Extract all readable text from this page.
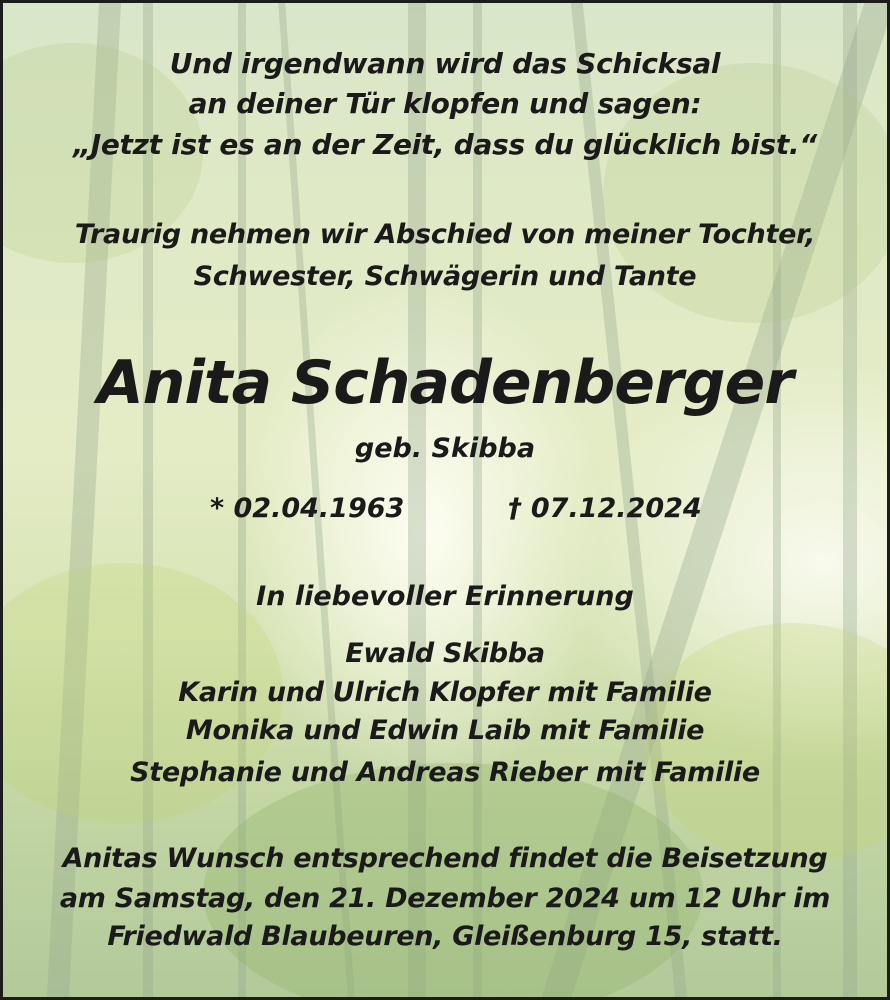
Und irgendwann wird das Schicksal
an deiner Tür klopfen und sagen:
„Jetzt ist es an der Zeit, dass du glücklich bist.“
Traurig nehmen wir Abschied von meiner Tochter,
Schwester, Schwägerin und Tante
Anita Schadenberger
geb. Skibba
* 02.04.1963	† 07.12.2024
In liebevoller Erinnerung
Ewald Skibba
Karin und Ulrich Klopfer mit Familie
Monika und Edwin Laib mit Familie
Stephanie und Andreas Rieber mit Familie
Anitas Wunsch entsprechend findet die Beisetzung
am Samstag, den 21. Dezember 2024 um 12 Uhr im
Friedwald Blaubeuren, Gleißenburg 15, statt.
